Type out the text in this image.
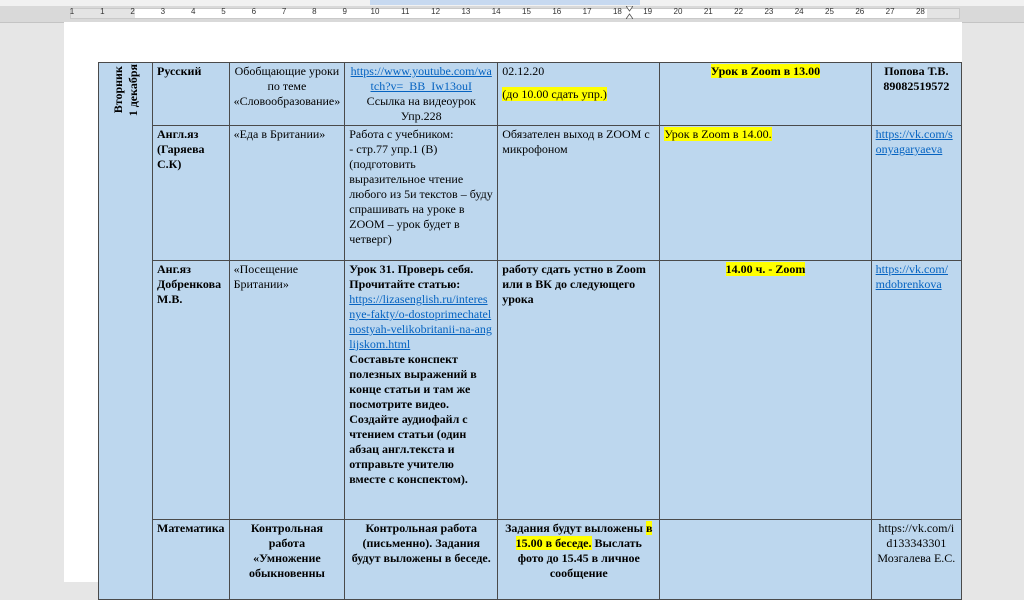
1	1	2	3	4	5	6	7	8	9	10	11	12	13	14	15	16	17	18	19	20	21	22	23	24	25	26	27	28
Вторник
1 декабря	Русский	Обобщающие уроки по теме «Словообразование»	https://www.youtube.com/watch?v=_BB_Iw13ouI
Ссылка на видеоурок
Упр.228	02.12.20
(до 10.00 сдать упр.)	Урок в Zoom в 13.00	Попова Т.В.
89082519572
	Англ.яз (Гаряева С.К)	«Еда в Британии»	Работа с учебником:
- стр.77 упр.1 (В) (подготовить выразительное чтение любого из 5и текстов – буду спрашивать на уроке в ZOOM – урок будет в четверг)	Обязателен выход в ZOOM с микрофоном	Урок в Zoom в 14.00.	https://vk.com/sonyagaryaeva
	Анг.яз Добренкова М.В.	«Посещение Британии»	Урок 31. Проверь себя. Прочитайте статью:
https://lizasenglish.ru/interesnye-fakty/o-dostoprimechatelnostyah-velikobritanii-na-anglijskom.html
Составьте конспект полезных выражений в конце статьи и там же посмотрите видео. Создайте аудиофайл с чтением статьи (один абзац англ.текста и отправьте учителю вместе с конспектом).	работу сдать устно в Zoom или в ВК до следующего урока	14.00 ч. - Zoom	https://vk.com/mdobrenkova
	Математика	Контрольная работа «Умножение обыкновенны	Контрольная работа (письменно). Задания будут выложены в беседе.	Задания будут выложены в 15.00 в беседе. Выслать фото до 15.45 в личное сообщение		https://vk.com/id133343301
Мозгалева Е.С.
